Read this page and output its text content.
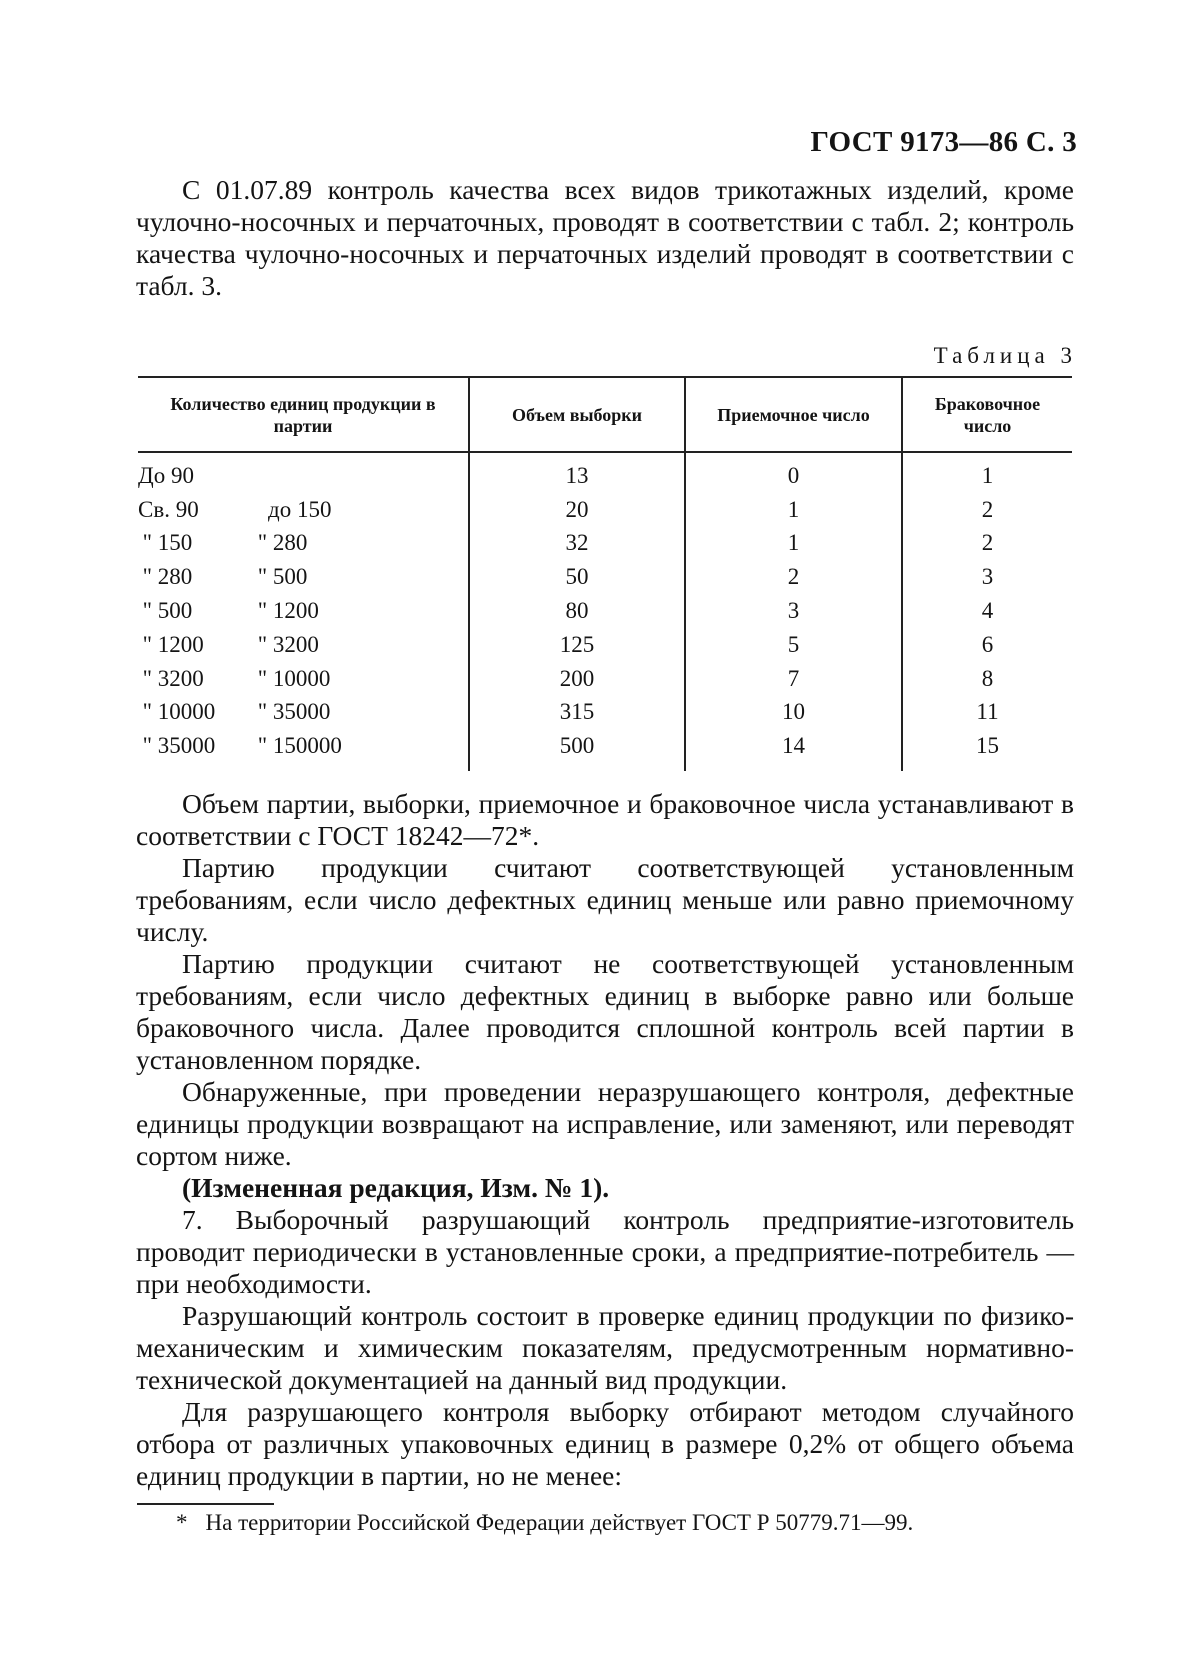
ГОСТ 9173—86 С. 3
С 01.07.89 контроль качества всех видов трикотажных изделий, кроме чулочно-носочных и перчаточных, проводят в соответствии с табл. 2; контроль качества чулочно-носочных и перчаточных изделий проводят в соответствии с табл. 3.
Таблица 3
Количество единиц продукции в партии	Объем выборки	Приемочное число	Браковочное число
До 90	13	0	1
Св. 90 до 150	20	1	2
" 150 " 280	32	1	2
" 280 " 500	50	2	3
" 500 " 1200	80	3	4
" 1200 " 3200	125	5	6
" 3200 " 10000	200	7	8
" 10000 " 35000	315	10	11
" 35000 " 150000	500	14	15
Объем партии, выборки, приемочное и браковочное числа устанавливают в соответствии с ГОСТ 18242—72*.
Партию продукции считают соответствующей установленным требованиям, если число дефектных единиц меньше или равно приемочному числу.
Партию продукции считают не соответствующей установленным требованиям, если число дефектных единиц в выборке равно или больше браковочного числа. Далее проводится сплошной контроль всей партии в установленном порядке.
Обнаруженные, при проведении неразрушающего контроля, дефектные единицы продукции возвращают на исправление, или заменяют, или переводят сортом ниже.
(Измененная редакция, Изм. № 1).
7. Выборочный разрушающий контроль предприятие-изготовитель проводит периодически в установленные сроки, а предприятие-потребитель — при необходимости.
Разрушающий контроль состоит в проверке единиц продукции по физико-механическим и химическим показателям, предусмотренным нормативно-технической документацией на данный вид продукции.
Для разрушающего контроля выборку отбирают методом случайного отбора от различных упаковочных единиц в размере 0,2% от общего объема единиц продукции в партии, но не менее:
* На территории Российской Федерации действует ГОСТ Р 50779.71—99.
